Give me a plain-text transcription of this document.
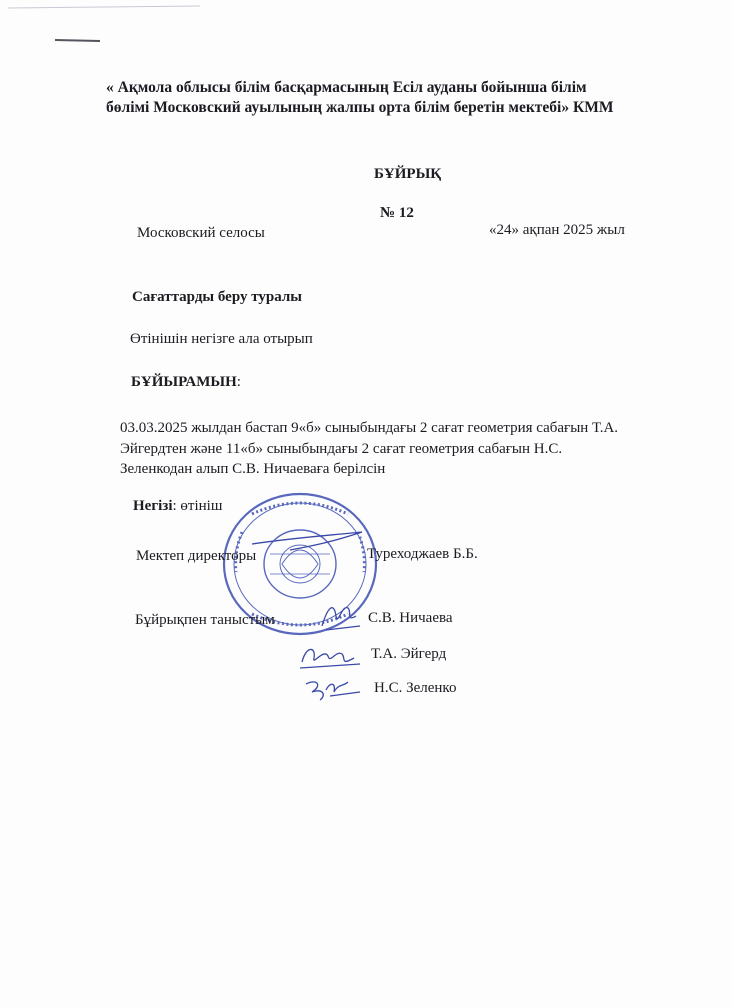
« Ақмола облысы білім басқармасының Есіл ауданы бойынша білім
бөлімі Московский ауылының жалпы орта білім беретін мектебі» КММ
БҰЙРЫҚ
№ 12
Московский селосы	«24» ақпан 2025 жыл
Сағаттарды беру туралы
Өтінішін негізге ала отырып
БҰЙЫРАМЫН:
03.03.2025 жылдан бастап 9«б» сыныбындағы 2 сағат геометрия сабағын Т.А.
Эйгердтен және 11«б» сыныбындағы 2 сағат геометрия сабағын Н.С.
Зеленкодан алып С.В. Ничаеваға берілсін
Негізі: өтініш
Мектеп директоры	Туреходжаев Б.Б.
Бұйрықпен таныстым	С.В. Ничаева
Т.А. Эйгерд
Н.С. Зеленко
